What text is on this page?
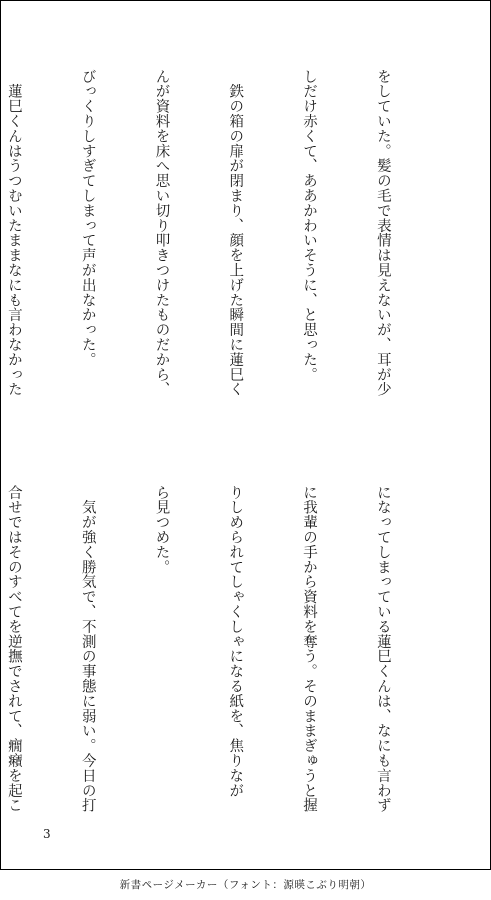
をしていた。髪の毛で表情は見えないが、耳が少

しだけ赤くて、ああかわいそうに、と思った。

　鉄の箱の扉が閉まり、顔を上げた瞬間に蓮巳く

んが資料を床へ思い切り叩きつけたものだから、

びっくりしすぎてしまって声が出なかった。

　蓮巳くんはうつむいたままなにも言わなかった

になってしまっている蓮巳くんは、なにも言わず

に我輩の手から資料を奪う。そのままぎゅうと握

りしめられてしゃくしゃになる紙を、焦りなが

ら見つめた。

　気が強く勝気で、不測の事態に弱い。今日の打

合せではそのすべてを逆撫でされて、癇癪を起こ

3
新書ページメーカー（フォント：源暎こぶり明朝）
